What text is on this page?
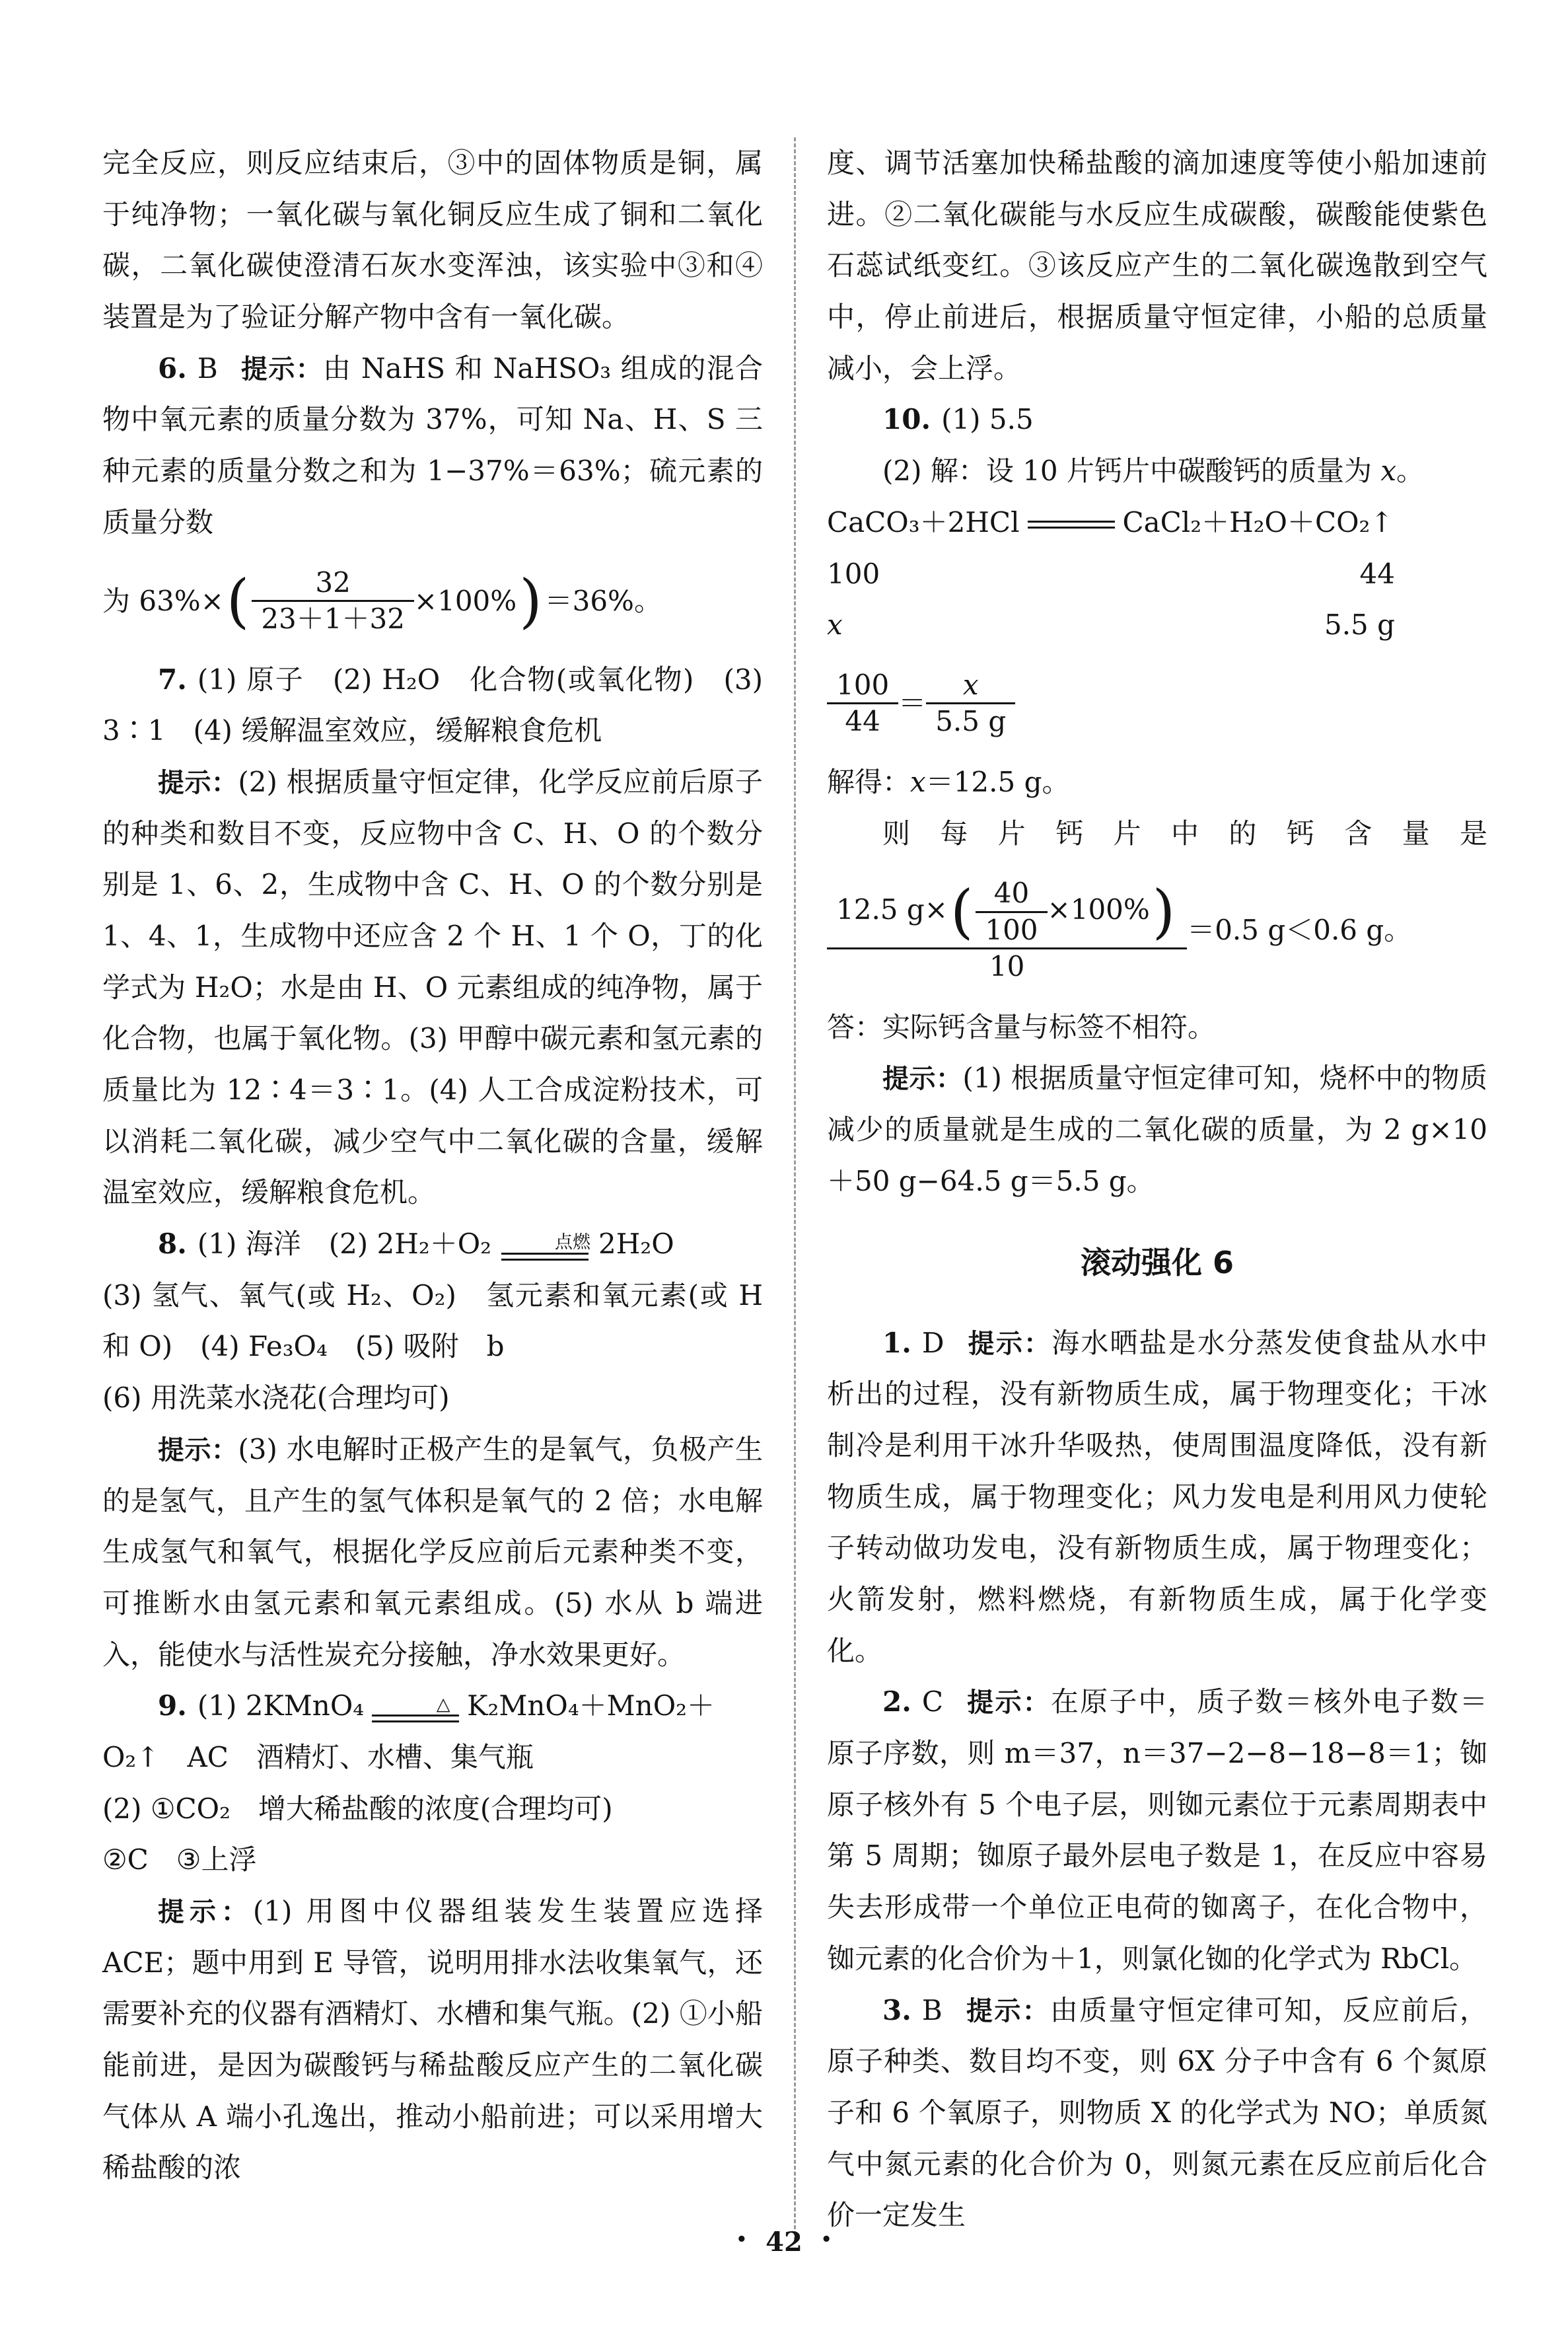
完全反应，则反应结束后，③中的固体物质是铜，属于纯净物；一氧化碳与氧化铜反应生成了铜和二氧化碳，二氧化碳使澄清石灰水变浑浊，该实验中③和④装置是为了验证分解产物中含有一氧化碳。

6. B 提示：由 NaHS 和 NaHSO₃ 组成的混合物中氧元素的质量分数为 37%，可知 Na、H、S 三种元素的质量分数之和为 1−37%＝63%；硫元素的质量分数

为 63%× ( $\frac{32}{23+1+32} \times 100\%$ ) ＝36%。

7. (1) 原子　(2) H₂O　化合物(或氧化物)　(3) 3∶1　(4) 缓解温室效应，缓解粮食危机

提示：(2) 根据质量守恒定律，化学反应前后原子的种类和数目不变，反应物中含 C、H、O 的个数分别是 1、6、2，生成物中含 C、H、O 的个数分别是 1、4、1，生成物中还应含 2 个 H、1 个 O，丁的化学式为 H₂O；水是由 H、O 元素组成的纯净物，属于化合物，也属于氧化物。(3) 甲醇中碳元素和氢元素的质量比为 12∶4＝3∶1。(4) 人工合成淀粉技术，可以消耗二氧化碳，减少空气中二氧化碳的含量，缓解温室效应，缓解粮食危机。

8. (1) 海洋　(2) 2H₂＋O₂	点燃 2H₂O

(3) 氢气、氧气(或 H₂、O₂)　氢元素和氧元素(或 H 和 O)　(4) Fe₃O₄　(5) 吸附　b

(6) 用洗菜水浇花(合理均可)

提示：(3) 水电解时正极产生的是氧气，负极产生的是氢气，且产生的氢气体积是氧气的 2 倍；水电解生成氢气和氧气，根据化学反应前后元素种类不变，可推断水由氢元素和氧元素组成。(5) 水从 b 端进入，能使水与活性炭充分接触，净水效果更好。

9. (1) 2KMnO₄	△ K₂MnO₄＋MnO₂＋

O₂↑　AC　酒精灯、水槽、集气瓶

(2) ①CO₂　增大稀盐酸的浓度(合理均可)

②C　③上浮

提示：(1) 用图中仪器组装发生装置应选择 ACE；题中用到 E 导管，说明用排水法收集氧气，还需要补充的仪器有酒精灯、水槽和集气瓶。(2) ①小船能前进，是因为碳酸钙与稀盐酸反应产生的二氧化碳气体从 A 端小孔逸出，推动小船前进；可以采用增大稀盐酸的浓

度、调节活塞加快稀盐酸的滴加速度等使小船加速前进。②二氧化碳能与水反应生成碳酸，碳酸能使紫色石蕊试纸变红。③该反应产生的二氧化碳逸散到空气中，停止前进后，根据质量守恒定律，小船的总质量减小，会上浮。

10. (1) 5.5

(2) 解：设 10 片钙片中碳酸钙的质量为 x。

CaCO₃＋2HCl	CaCl₂＋H₂O＋CO₂↑

100	44
x	5.5 g
$\frac{100}{44} = \frac{x}{5.5 g}$

解得：x＝12.5 g。

则每片钙片中的钙含量是

$\frac{12.5 g\times( \frac{40}{100} \times 100\%)}{10} =0.5$ g＜0.6 g。

答：实际钙含量与标签不相符。

提示：(1) 根据质量守恒定律可知，烧杯中的物质减少的质量就是生成的二氧化碳的质量，为 2 g×10＋50 g−64.5 g＝5.5 g。

滚动强化 6

1. D 提示：海水晒盐是水分蒸发使食盐从水中析出的过程，没有新物质生成，属于物理变化；干冰制冷是利用干冰升华吸热，使周围温度降低，没有新物质生成，属于物理变化；风力发电是利用风力使轮子转动做功发电，没有新物质生成，属于物理变化；火箭发射，燃料燃烧，有新物质生成，属于化学变化。

2. C 提示：在原子中，质子数＝核外电子数＝原子序数，则 m＝37，n＝37−2−8−18−8＝1；铷原子核外有 5 个电子层，则铷元素位于元素周期表中第 5 周期；铷原子最外层电子数是 1，在反应中容易失去形成带一个单位正电荷的铷离子，在化合物中，铷元素的化合价为＋1，则氯化铷的化学式为 RbCl。

3. B 提示：由质量守恒定律可知，反应前后，原子种类、数目均不变，则 6X 分子中含有 6 个氮原子和 6 个氧原子，则物质 X 的化学式为 NO；单质氮气中氮元素的化合价为 0，则氮元素在反应前后化合价一定发生

• 42 •
